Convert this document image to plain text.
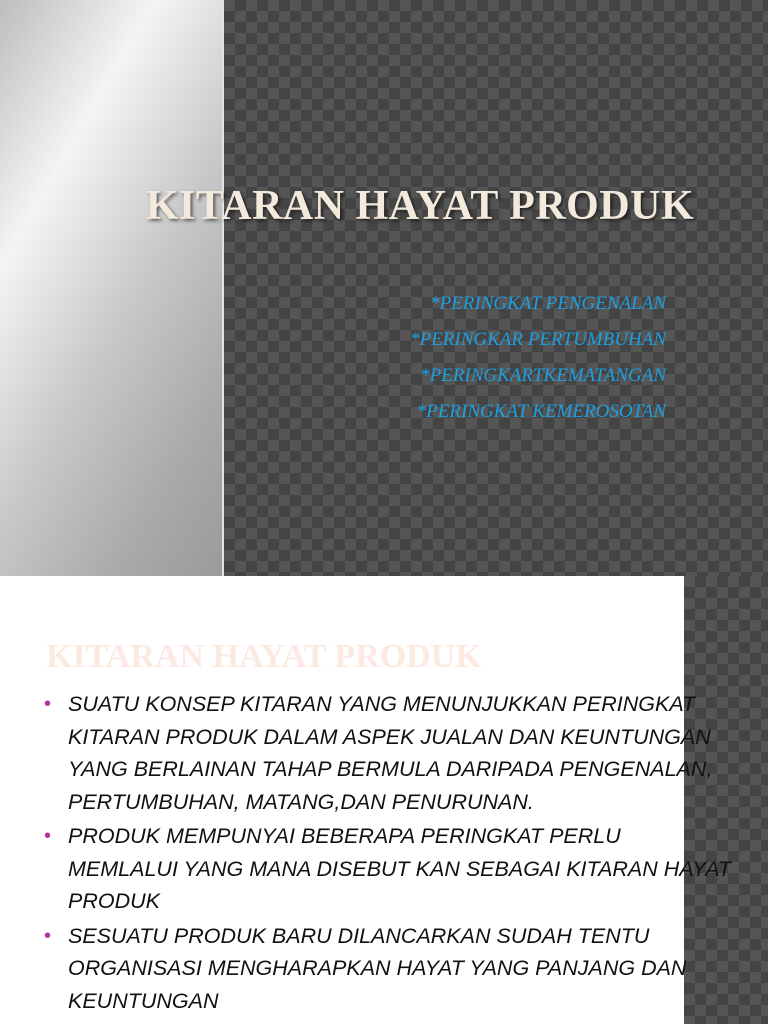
KITARAN HAYAT PRODUK
*PERINGKAT PENGENALAN
*PERINGKAR PERTUMBUHAN
*PERINGKARTKEMATANGAN
*PERINGKAT KEMEROSOTAN
KITARAN HAYAT PRODUK
• SUATU KONSEP KITARAN YANG MENUNJUKKAN PERINGKAT KITARAN PRODUK DALAM ASPEK JUALAN DAN KEUNTUNGAN YANG BERLAINAN TAHAP BERMULA DARIPADA PENGENALAN, PERTUMBUHAN, MATANG,DAN PENURUNAN.
• PRODUK MEMPUNYAI BEBERAPA PERINGKAT PERLU MEMLALUI YANG MANA DISEBUT KAN SEBAGAI KITARAN HAYAT PRODUK
• SESUATU PRODUK BARU DILANCARKAN SUDAH TENTU ORGANISASI MENGHARAPKAN HAYAT YANG PANJANG DAN KEUNTUNGAN
